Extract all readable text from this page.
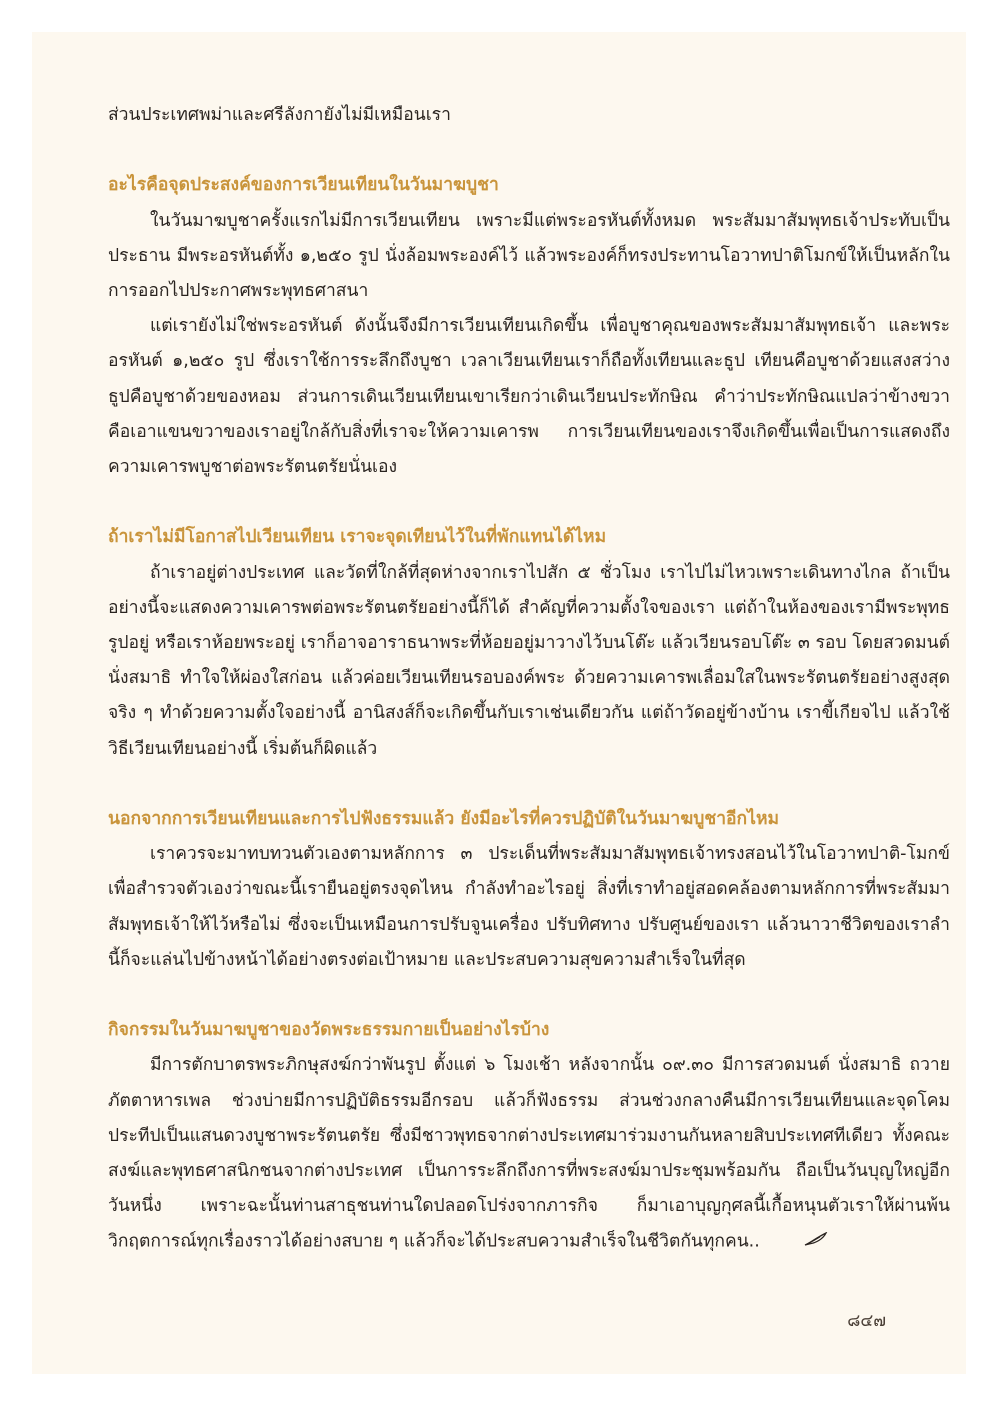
ส่วนประเทศพม่าและศรีลังกายังไม่มีเหมือนเรา

อะไรคือจุดประสงค์ของการเวียนเทียนในวันมาฆบูชา

ในวันมาฆบูชาครั้งแรกไม่มีการเวียนเทียน เพราะมีแต่พระอรหันต์ทั้งหมด พระสัมมาสัมพุทธเจ้าประทับเป็นประธาน มีพระอรหันต์ทั้ง ๑,๒๕๐ รูป นั่งล้อมพระองค์ไว้ แล้วพระองค์ก็ทรงประทานโอวาทปาติโมกข์ให้เป็นหลักในการออกไปประกาศพระพุทธศาสนา

แต่เรายังไม่ใช่พระอรหันต์ ดังนั้นจึงมีการเวียนเทียนเกิดขึ้น เพื่อบูชาคุณของพระสัมมาสัมพุทธเจ้า และพระอรหันต์ ๑,๒๕๐ รูป ซึ่งเราใช้การระลึกถึงบูชา เวลาเวียนเทียนเราก็ถือทั้งเทียนและธูป เทียนคือบูชาด้วยแสงสว่าง ธูปคือบูชาด้วยของหอม ส่วนการเดินเวียนเทียนเขาเรียกว่าเดินเวียนประทักษิณ คำว่าประทักษิณแปลว่าข้างขวา คือเอาแขนขวาของเราอยู่ใกล้กับสิ่งที่เราจะให้ความเคารพ การเวียนเทียนของเราจึงเกิดขึ้นเพื่อเป็นการแสดงถึงความเคารพบูชาต่อพระรัตนตรัยนั่นเอง

ถ้าเราไม่มีโอกาสไปเวียนเทียน เราจะจุดเทียนไว้ในที่พักแทนได้ไหม

ถ้าเราอยู่ต่างประเทศ และวัดที่ใกล้ที่สุดห่างจากเราไปสัก ๕ ชั่วโมง เราไปไม่ไหวเพราะเดินทางไกล ถ้าเป็นอย่างนี้จะแสดงความเคารพต่อพระรัตนตรัยอย่างนี้ก็ได้ สำคัญที่ความตั้งใจของเรา แต่ถ้าในห้องของเรามีพระพุทธรูปอยู่ หรือเราห้อยพระอยู่ เราก็อาจอาราธนาพระที่ห้อยอยู่มาวางไว้บนโต๊ะ แล้วเวียนรอบโต๊ะ ๓ รอบ โดยสวดมนต์ นั่งสมาธิ ทำใจให้ผ่องใสก่อน แล้วค่อยเวียนเทียนรอบองค์พระ ด้วยความเคารพเลื่อมใสในพระรัตนตรัยอย่างสูงสุดจริง ๆ ทำด้วยความตั้งใจอย่างนี้ อานิสงส์ก็จะเกิดขึ้นกับเราเช่นเดียวกัน แต่ถ้าวัดอยู่ข้างบ้าน เราขี้เกียจไป แล้วใช้วิธีเวียนเทียนอย่างนี้ เริ่มต้นก็ผิดแล้ว

นอกจากการเวียนเทียนและการไปฟังธรรมแล้ว ยังมีอะไรที่ควรปฏิบัติในวันมาฆบูชาอีกไหม

เราควรจะมาทบทวนตัวเองตามหลักการ ๓ ประเด็นที่พระสัมมาสัมพุทธเจ้าทรงสอนไว้ในโอวาทปาติ-โมกข์ เพื่อสำรวจตัวเองว่าขณะนี้เรายืนอยู่ตรงจุดไหน กำลังทำอะไรอยู่ สิ่งที่เราทำอยู่สอดคล้องตามหลักการที่พระสัมมาสัมพุทธเจ้าให้ไว้หรือไม่ ซึ่งจะเป็นเหมือนการปรับจูนเครื่อง ปรับทิศทาง ปรับศูนย์ของเรา แล้วนาวาชีวิตของเราลำนี้ก็จะแล่นไปข้างหน้าได้อย่างตรงต่อเป้าหมาย และประสบความสุขความสำเร็จในที่สุด

กิจกรรมในวันมาฆบูชาของวัดพระธรรมกายเป็นอย่างไรบ้าง

มีการตักบาตรพระภิกษุสงฆ์กว่าพันรูป ตั้งแต่ ๖ โมงเช้า หลังจากนั้น ๐๙.๓๐ มีการสวดมนต์ นั่งสมาธิ ถวายภัตตาหารเพล ช่วงบ่ายมีการปฏิบัติธรรมอีกรอบ แล้วก็ฟังธรรม ส่วนช่วงกลางคืนมีการเวียนเทียนและจุดโคมประทีปเป็นแสนดวงบูชาพระรัตนตรัย ซึ่งมีชาวพุทธจากต่างประเทศมาร่วมงานกันหลายสิบประเทศทีเดียว ทั้งคณะสงฆ์และพุทธศาสนิกชนจากต่างประเทศ เป็นการระลึกถึงการที่พระสงฆ์มาประชุมพร้อมกัน ถือเป็นวันบุญใหญ่อีกวันหนึ่ง เพราะฉะนั้นท่านสาธุชนท่านใดปลอดโปร่งจากภารกิจ ก็มาเอาบุญกุศลนี้เกื้อหนุนตัวเราให้ผ่านพ้นวิกฤตการณ์ทุกเรื่องราวได้อย่างสบาย ๆ แล้วก็จะได้ประสบความสำเร็จในชีวิตกันทุกคน..

๘๔๗
